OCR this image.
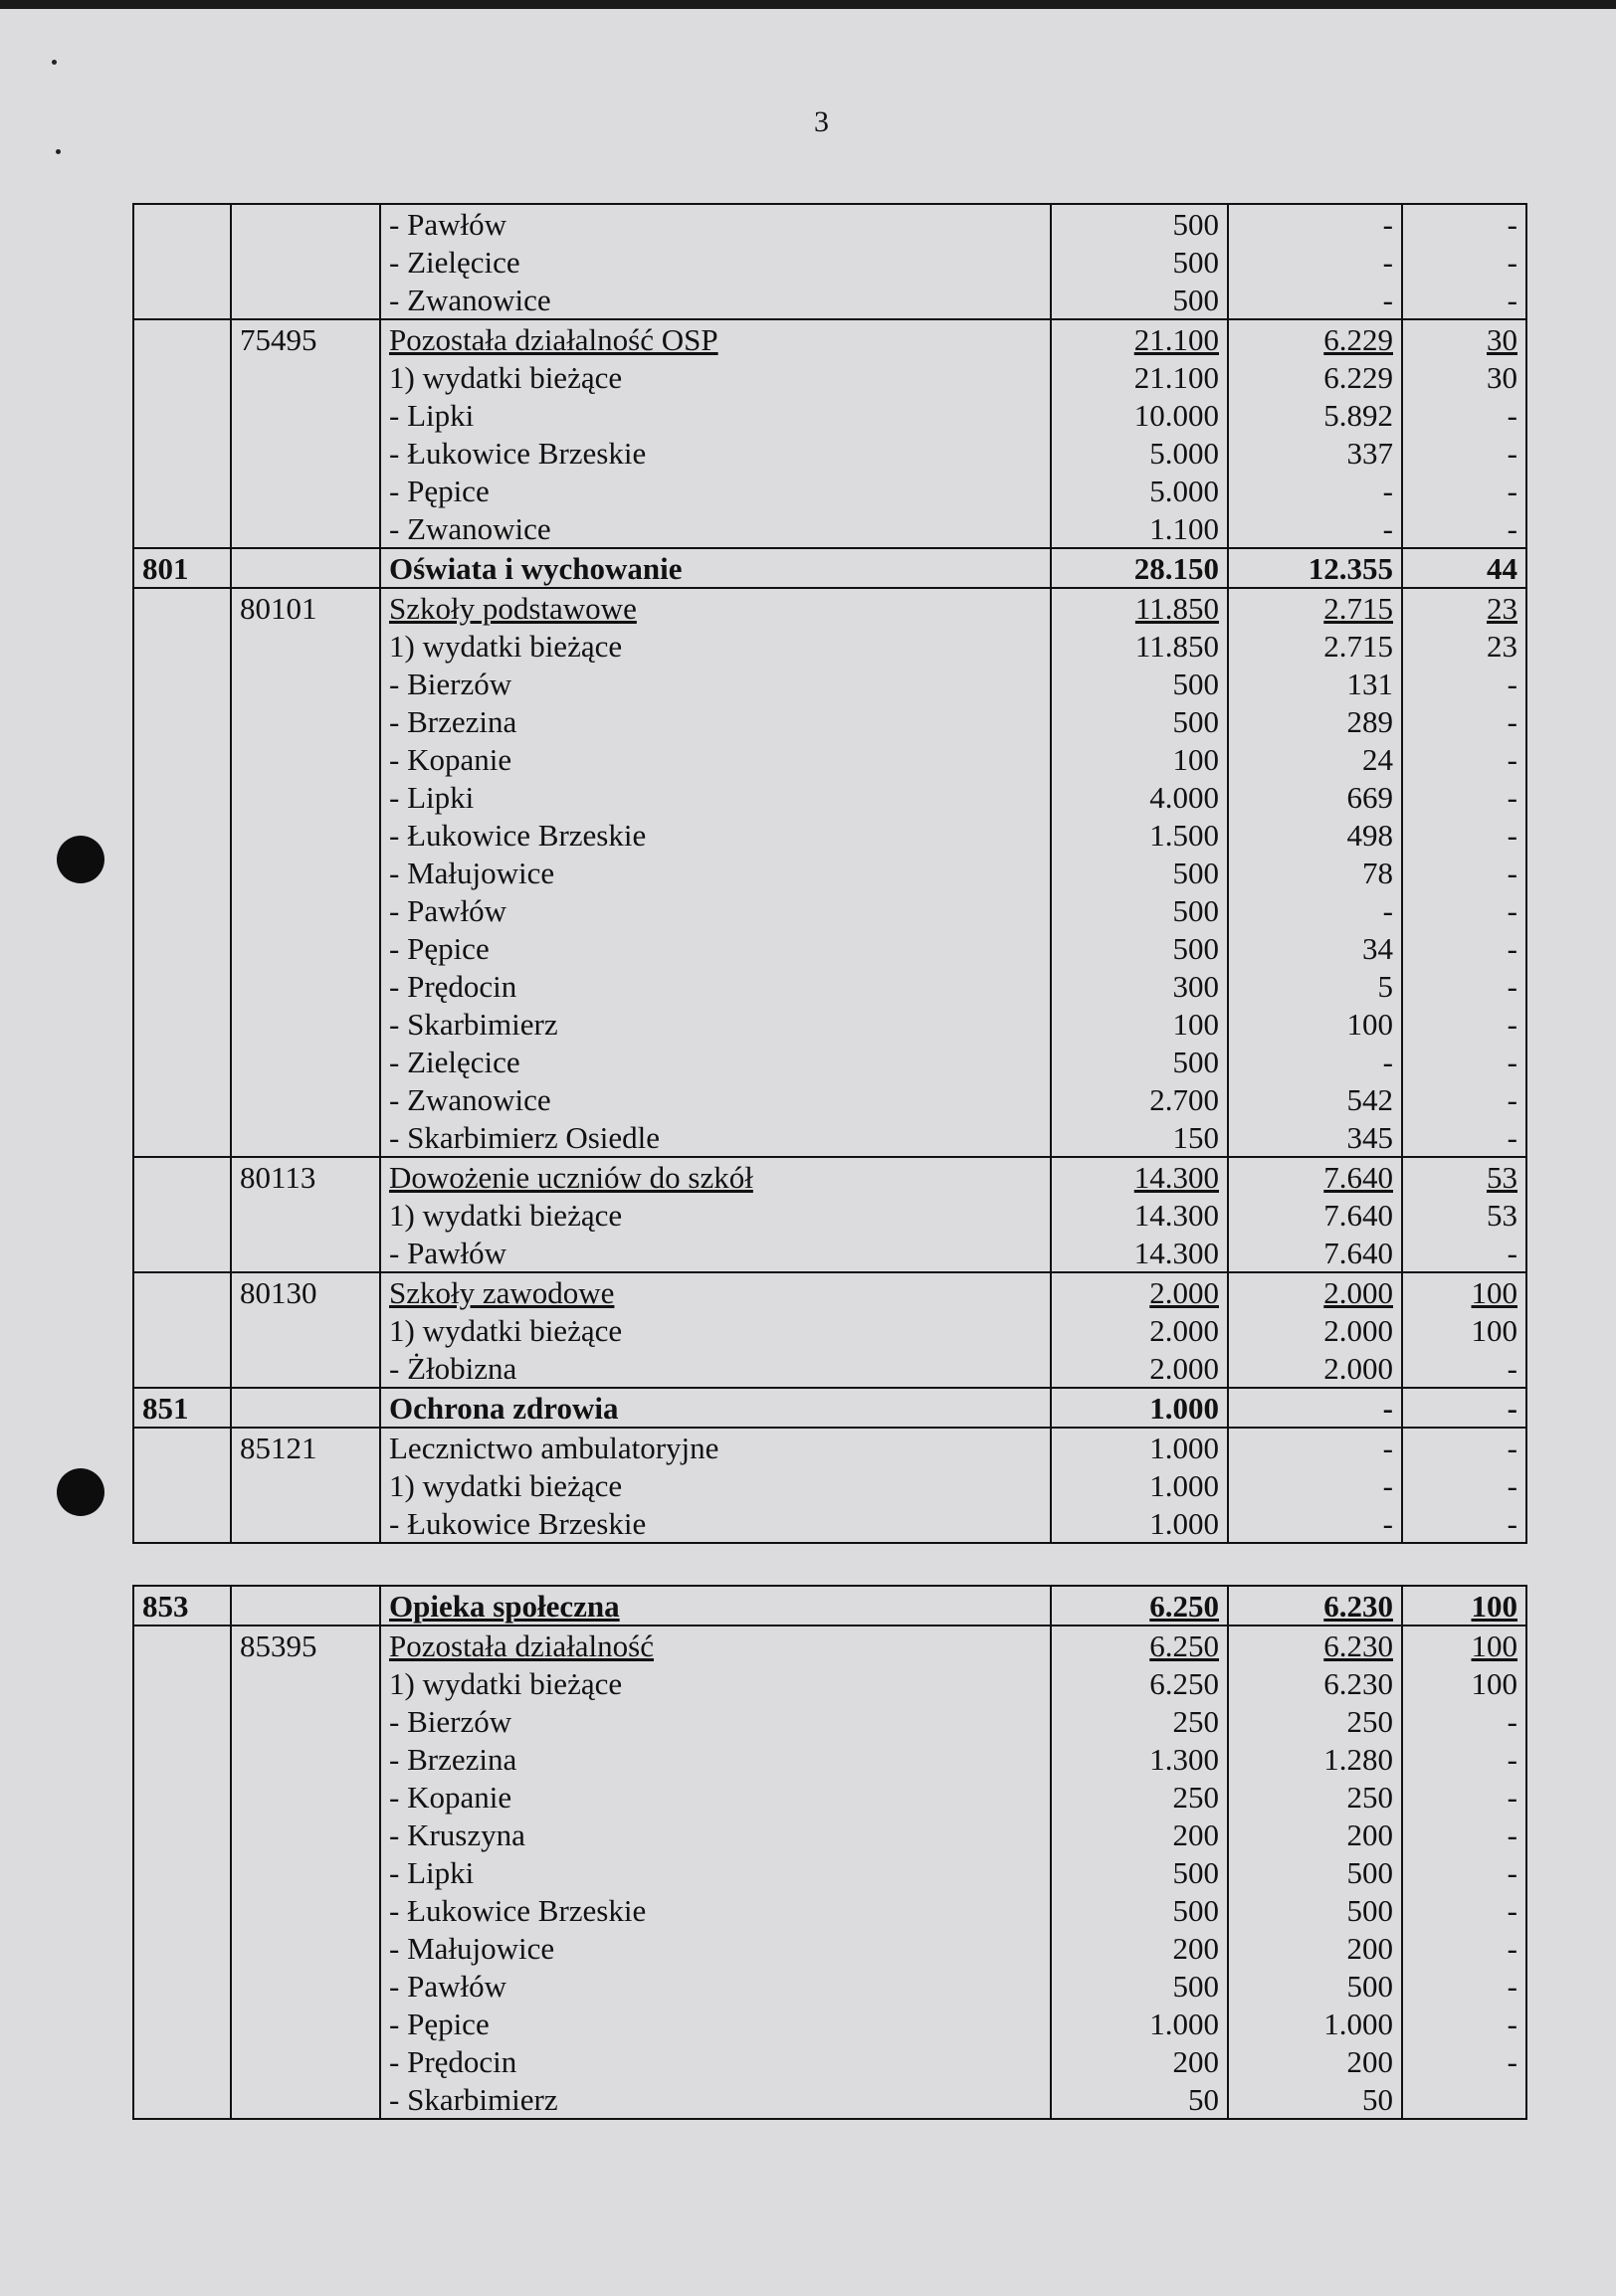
3
		- Pawłów	500	-	-
		- Zielęcice	500	-	-
		- Zwanowice	500	-	-
	75495	Pozostała działalność OSP	21.100	6.229	30
		1) wydatki bieżące	21.100	6.229	30
		- Lipki	10.000	5.892	-
		- Łukowice Brzeskie	5.000	337	-
		- Pępice	5.000	-	-
		- Zwanowice	1.100	-	-
801		Oświata i wychowanie	28.150	12.355	44
	80101	Szkoły podstawowe	11.850	2.715	23
		1) wydatki bieżące	11.850	2.715	23
		- Bierzów	500	131	-
		- Brzezina	500	289	-
		- Kopanie	100	24	-
		- Lipki	4.000	669	-
		- Łukowice Brzeskie	1.500	498	-
		- Małujowice	500	78	-
		- Pawłów	500	-	-
		- Pępice	500	34	-
		- Prędocin	300	5	-
		- Skarbimierz	100	100	-
		- Zielęcice	500	-	-
		- Zwanowice	2.700	542	-
		- Skarbimierz Osiedle	150	345	-
	80113	Dowożenie uczniów do szkół	14.300	7.640	53
		1) wydatki bieżące	14.300	7.640	53
		- Pawłów	14.300	7.640	-
	80130	Szkoły zawodowe	2.000	2.000	100
		1) wydatki bieżące	2.000	2.000	100
		- Żłobizna	2.000	2.000	-
851		Ochrona zdrowia	1.000	-	-
	85121	Lecznictwo ambulatoryjne	1.000	-	-
		1) wydatki bieżące	1.000	-	-
		- Łukowice Brzeskie	1.000	-	-
853		Opieka społeczna	6.250	6.230	100
	85395	Pozostała działalność	6.250	6.230	100
		1) wydatki bieżące	6.250	6.230	100
		- Bierzów	250	250	-
		- Brzezina	1.300	1.280	-
		- Kopanie	250	250	-
		- Kruszyna	200	200	-
		- Lipki	500	500	-
		- Łukowice Brzeskie	500	500	-
		- Małujowice	200	200	-
		- Pawłów	500	500	-
		- Pępice	1.000	1.000	-
		- Prędocin	200	200	-
		- Skarbimierz	50	50	
